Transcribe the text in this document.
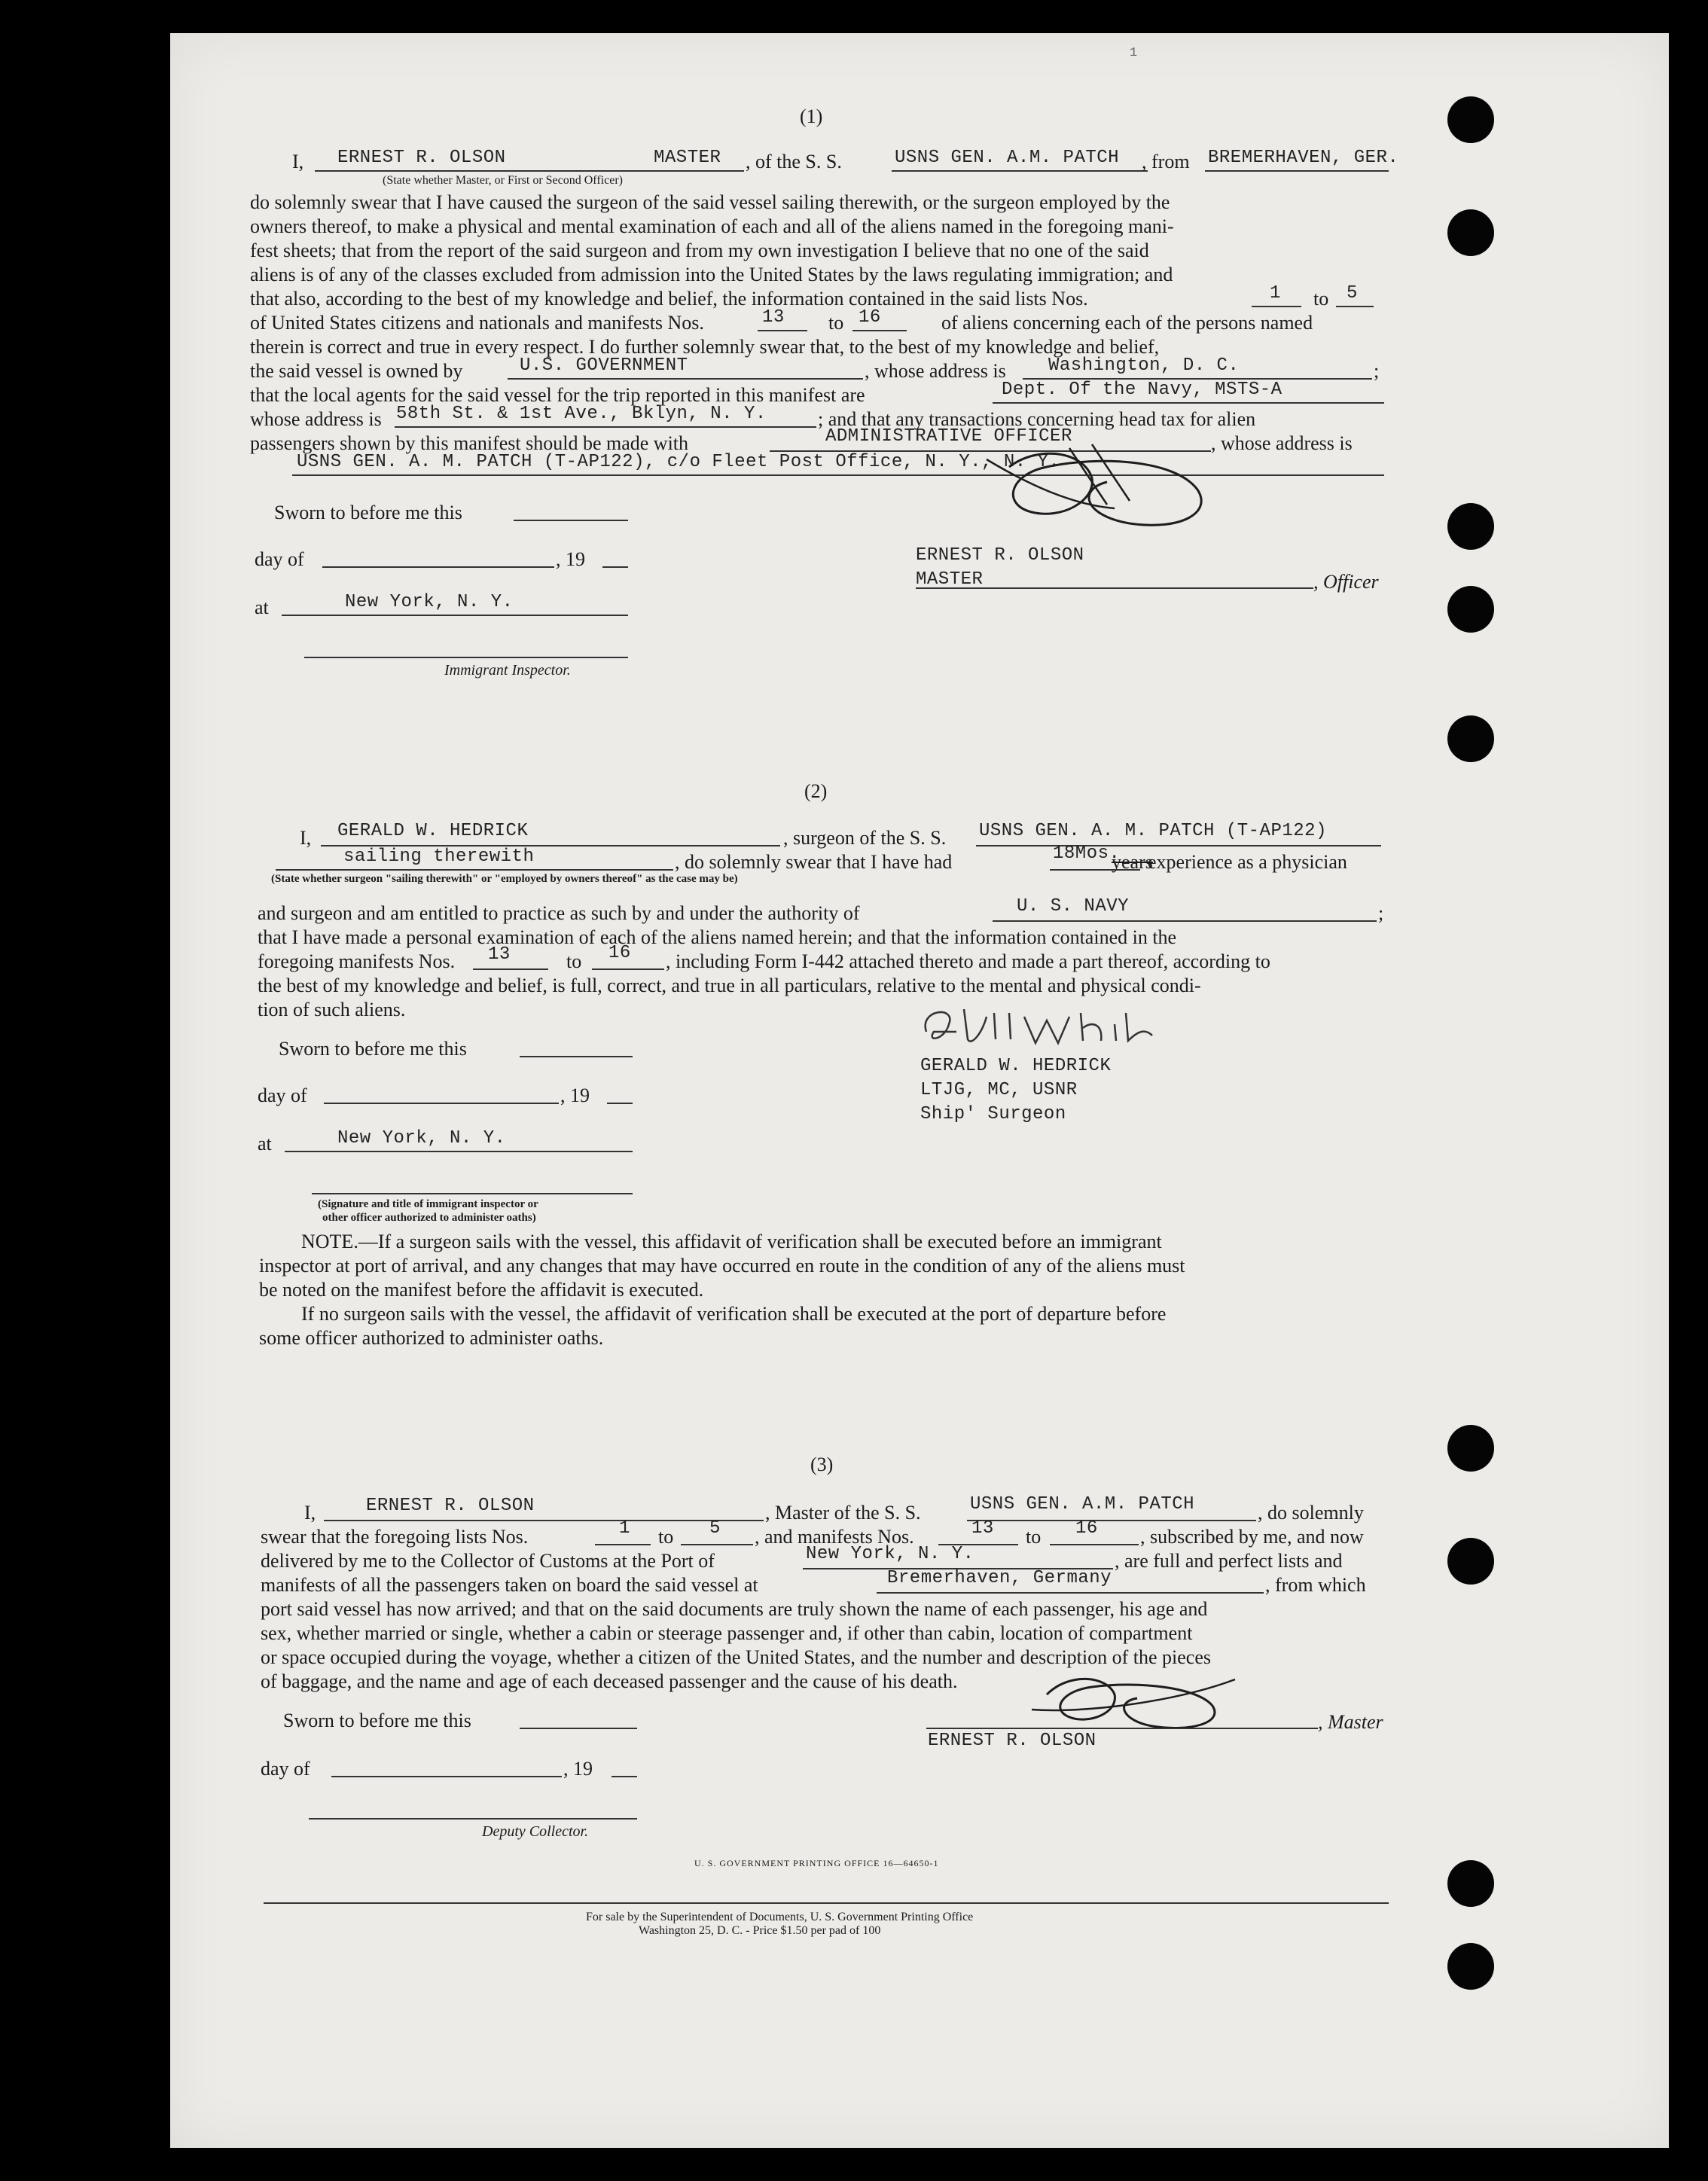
1
(1)
I, ERNEST R. OLSON	MASTER
(State whether Master, or First or Second Officer)
, of the S. S.	USNS GEN. A.M. PATCH , from BREMERHAVEN, GER.
do solemnly swear that I have caused the surgeon of the said vessel sailing therewith, or the surgeon employed by the
owners thereof, to make a physical and mental examination of each and all of the aliens named in the foregoing mani-
fest sheets; that from the report of the said surgeon and from my own investigation I believe that no one of the said
aliens is of any of the classes excluded from admission into the United States by the laws regulating immigration; and
that also, according to the best of my knowledge and belief, the information contained in the said lists Nos.	1 to 5
of United States citizens and nationals and manifests Nos.	13 to 16	of aliens concerning each of the persons named
therein is correct and true in every respect. I do further solemnly swear that, to the best of my knowledge and belief,
the said vessel is owned by	U.S. GOVERNMENT	, whose address is Washington, D. C.	;
that the local agents for the said vessel for the trip reported in this manifest are	Dept. Of the Navy, MSTS-A
whose address is 58th St. & 1st Ave., Bklyn, N. Y.	; and that any transactions concerning head tax for alien
passengers shown by this manifest should be made with	ADMINISTRATIVE OFFICER	, whose address is
USNS GEN. A. M. PATCH (T-AP122), c/o Fleet Post Office, N. Y., N. Y.
Sworn to before me this
day of	, 19
at	New York, N. Y.
Immigrant Inspector.
ERNEST R. OLSON
MASTER	, Officer
(2)
I, GERALD W. HEDRICK	, surgeon of the S. S. USNS GEN. A. M. PATCH (T-AP122)
sailing therewith	, do solemnly swear that I have had	18Mos.
years
experience as a physician
(State whether surgeon "sailing therewith" or "employed by owners thereof" as the case may be)
and surgeon and am entitled to practice as such by and under the authority of	U. S. NAVY	;
that I have made a personal examination of each of the aliens named herein; and that the information contained in the
foregoing manifests Nos. 13	to 16 , including Form I-442 attached thereto and made a part thereof, according to
the best of my knowledge and belief, is full, correct, and true in all particulars, relative to the mental and physical condi-
tion of such aliens.
Sworn to before me this
day of	, 19
at	New York, N. Y.
(Signature and title of immigrant inspector or
other officer authorized to administer oaths)
GERALD W. HEDRICK
LTJG, MC, USNR
Ship' Surgeon
NOTE.—If a surgeon sails with the vessel, this affidavit of verification shall be executed before an immigrant
inspector at port of arrival, and any changes that may have occurred en route in the condition of any of the aliens must
be noted on the manifest before the affidavit is executed.
If no surgeon sails with the vessel, the affidavit of verification shall be executed at the port of departure before
some officer authorized to administer oaths.
(3)
I,	ERNEST R. OLSON	, Master of the S. S.	USNS GEN. A.M. PATCH	, do solemnly
swear that the foregoing lists Nos.	1 to 5 , and manifests Nos.	13 to 16 , subscribed by me, and now
delivered by me to the Collector of Customs at the Port of	New York, N. Y.	, are full and perfect lists and
manifests of all the passengers taken on board the said vessel at	Bremerhaven, Germany	, from which
port said vessel has now arrived; and that on the said documents are truly shown the name of each passenger, his age and
sex, whether married or single, whether a cabin or steerage passenger and, if other than cabin, location of compartment
or space occupied during the voyage, whether a citizen of the United States, and the number and description of the pieces
of baggage, and the name and age of each deceased passenger and the cause of his death.
Sworn to before me this	, Master
ERNEST R. OLSON
day of	, 19
Deputy Collector.
U. S. GOVERNMENT PRINTING OFFICE 16—64650-1
For sale by the Superintendent of Documents, U. S. Government Printing Office
Washington 25, D. C. - Price $1.50 per pad of 100
